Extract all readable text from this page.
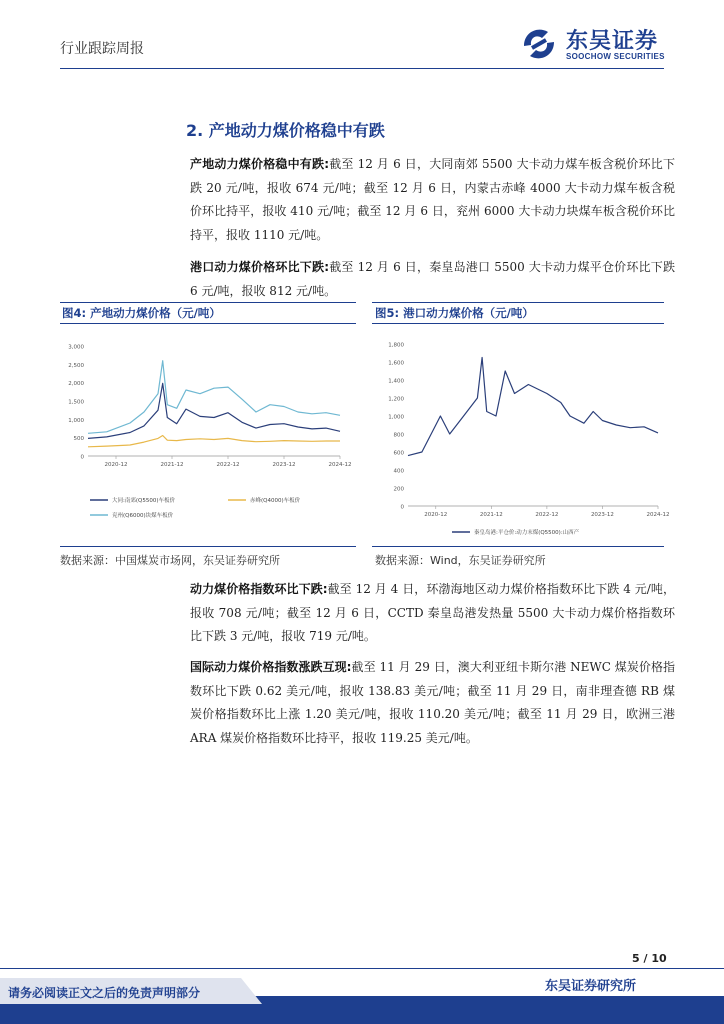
行业跟踪周报	东吴证券
SOOCHOW SECURITIES
2. 产地动力煤价格稳中有跌
产地动力煤价格稳中有跌:截至 12 月 6 日，大同南郊 5500 大卡动力煤车板含税价环比下跌 20 元/吨，报收 674 元/吨；截至 12 月 6 日，内蒙古赤峰 4000 大卡动力煤车板含税价环比持平，报收 410 元/吨；截至 12 月 6 日，兖州 6000 大卡动力块煤车板含税价环比持平，报收 1110 元/吨。
港口动力煤价格环比下跌:截至 12 月 6 日，秦皇岛港口 5500 大卡动力煤平仓价环比下跌 6 元/吨，报收 812 元/吨。
图4: 产地动力煤价格（元/吨）	图5: 港口动力煤价格（元/吨）
0
500
1,000
1,500
2,000
2,500
3,000
2020-12	2021-12	2022-12	2023-12	2024-12
大同:南郊(Q5500)车板价	赤峰(Q4000)车板价
兖州(Q6000)块煤车板价
0
200
400
600
800
1,000
1,200
1,400
1,600
1,800
2020-12	2021-12	2022-12	2023-12	2024-12
秦皇岛港:平仓价:动力末煤(Q5500):山西产
数据来源：中国煤炭市场网，东吴证券研究所	数据来源：Wind，东吴证券研究所
动力煤价格指数环比下跌:截至 12 月 4 日，环渤海地区动力煤价格指数环比下跌 4 元/吨，报收 708 元/吨；截至 12 月 6 日，CCTD 秦皇岛港发热量 5500 大卡动力煤价格指数环比下跌 3 元/吨，报收 719 元/吨。
国际动力煤价格指数涨跌互现:截至 11 月 29 日，澳大利亚纽卡斯尔港 NEWC 煤炭价格指数环比下跌 0.62 美元/吨，报收 138.83 美元/吨；截至 11 月 29 日，南非理查德 RB 煤炭价格指数环比上涨 1.20 美元/吨，报收 110.20 美元/吨；截至 11 月 29 日，欧洲三港 ARA 煤炭价格指数环比持平，报收 119.25 美元/吨。
5 / 10
东吴证券研究所
请务必阅读正文之后的免责声明部分
